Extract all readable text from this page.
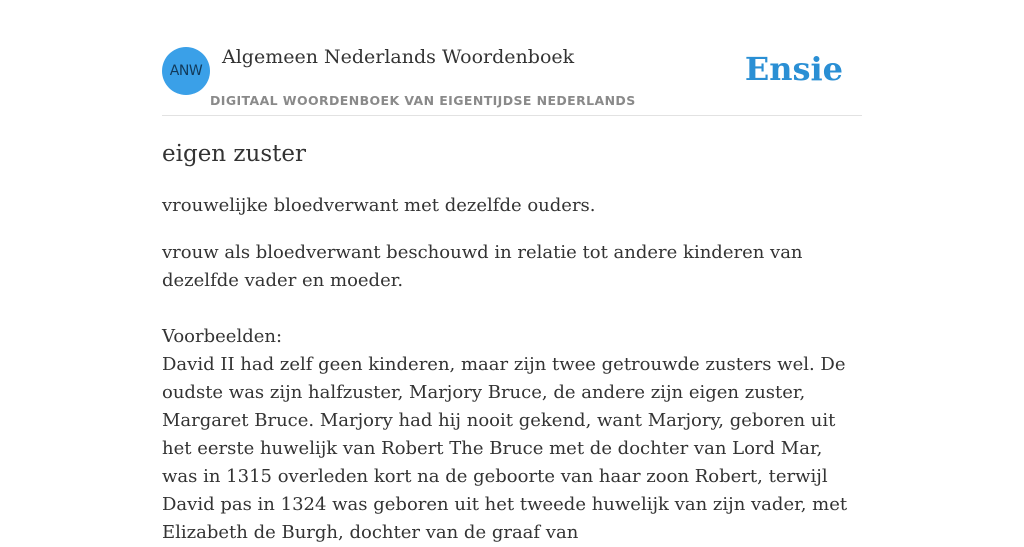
ANW
Algemeen Nederlands Woordenboek
DIGITAAL WOORDENBOEK VAN EIGENTIJDSE NEDERLANDS
Ensie
eigen zuster

vrouwelijke bloedverwant met dezelfde ouders.

vrouw als bloedverwant beschouwd in relatie tot andere kinderen van dezelfde vader en moeder.

Voorbeelden:

David II had zelf geen kinderen, maar zijn twee getrouwde zusters wel. De oudste was zijn halfzuster, Marjory Bruce, de andere zijn eigen zuster, Margaret Bruce. Marjory had hij nooit gekend, want Marjory, geboren uit het eerste huwelijk van Robert The Bruce met de dochter van Lord Mar, was in 1315 overleden kort na de geboorte van haar zoon Robert, terwijl David pas in 1324 was geboren uit het tweede huwelijk van zijn vader, met Elizabeth de Burgh, dochter van de graaf van
